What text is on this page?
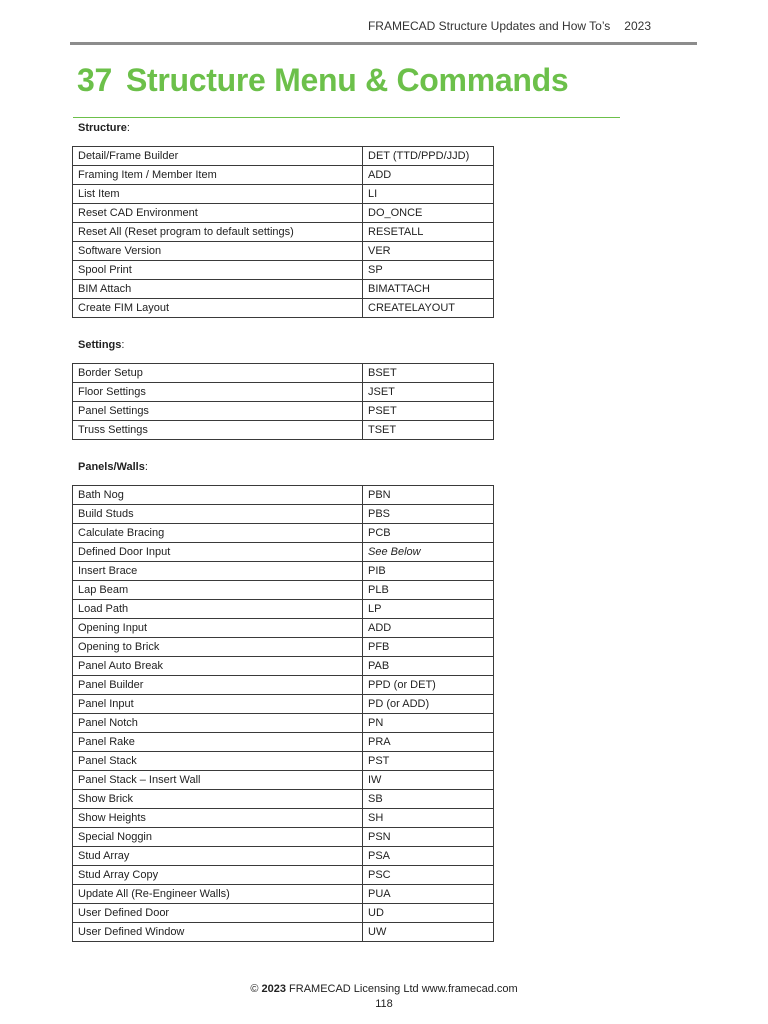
FRAMECAD Structure Updates and How To’s 2023
37 Structure Menu & Commands
Structure:
Detail/Frame Builder	DET (TTD/PPD/JJD)
Framing Item / Member Item	ADD
List Item	LI
Reset CAD Environment	DO_ONCE
Reset All (Reset program to default settings)	RESETALL
Software Version	VER
Spool Print	SP
BIM Attach	BIMATTACH
Create FIM Layout	CREATELAYOUT
Settings:
Border Setup	BSET
Floor Settings	JSET
Panel Settings	PSET
Truss Settings	TSET
Panels/Walls:
Bath Nog	PBN
Build Studs	PBS
Calculate Bracing	PCB
Defined Door Input	See Below
Insert Brace	PIB
Lap Beam	PLB
Load Path	LP
Opening Input	ADD
Opening to Brick	PFB
Panel Auto Break	PAB
Panel Builder	PPD (or DET)
Panel Input	PD (or ADD)
Panel Notch	PN
Panel Rake	PRA
Panel Stack	PST
Panel Stack – Insert Wall	IW
Show Brick	SB
Show Heights	SH
Special Noggin	PSN
Stud Array	PSA
Stud Array Copy	PSC
Update All (Re-Engineer Walls)	PUA
User Defined Door	UD
User Defined Window	UW
© 2023 FRAMECAD Licensing Ltd www.framecad.com
118
